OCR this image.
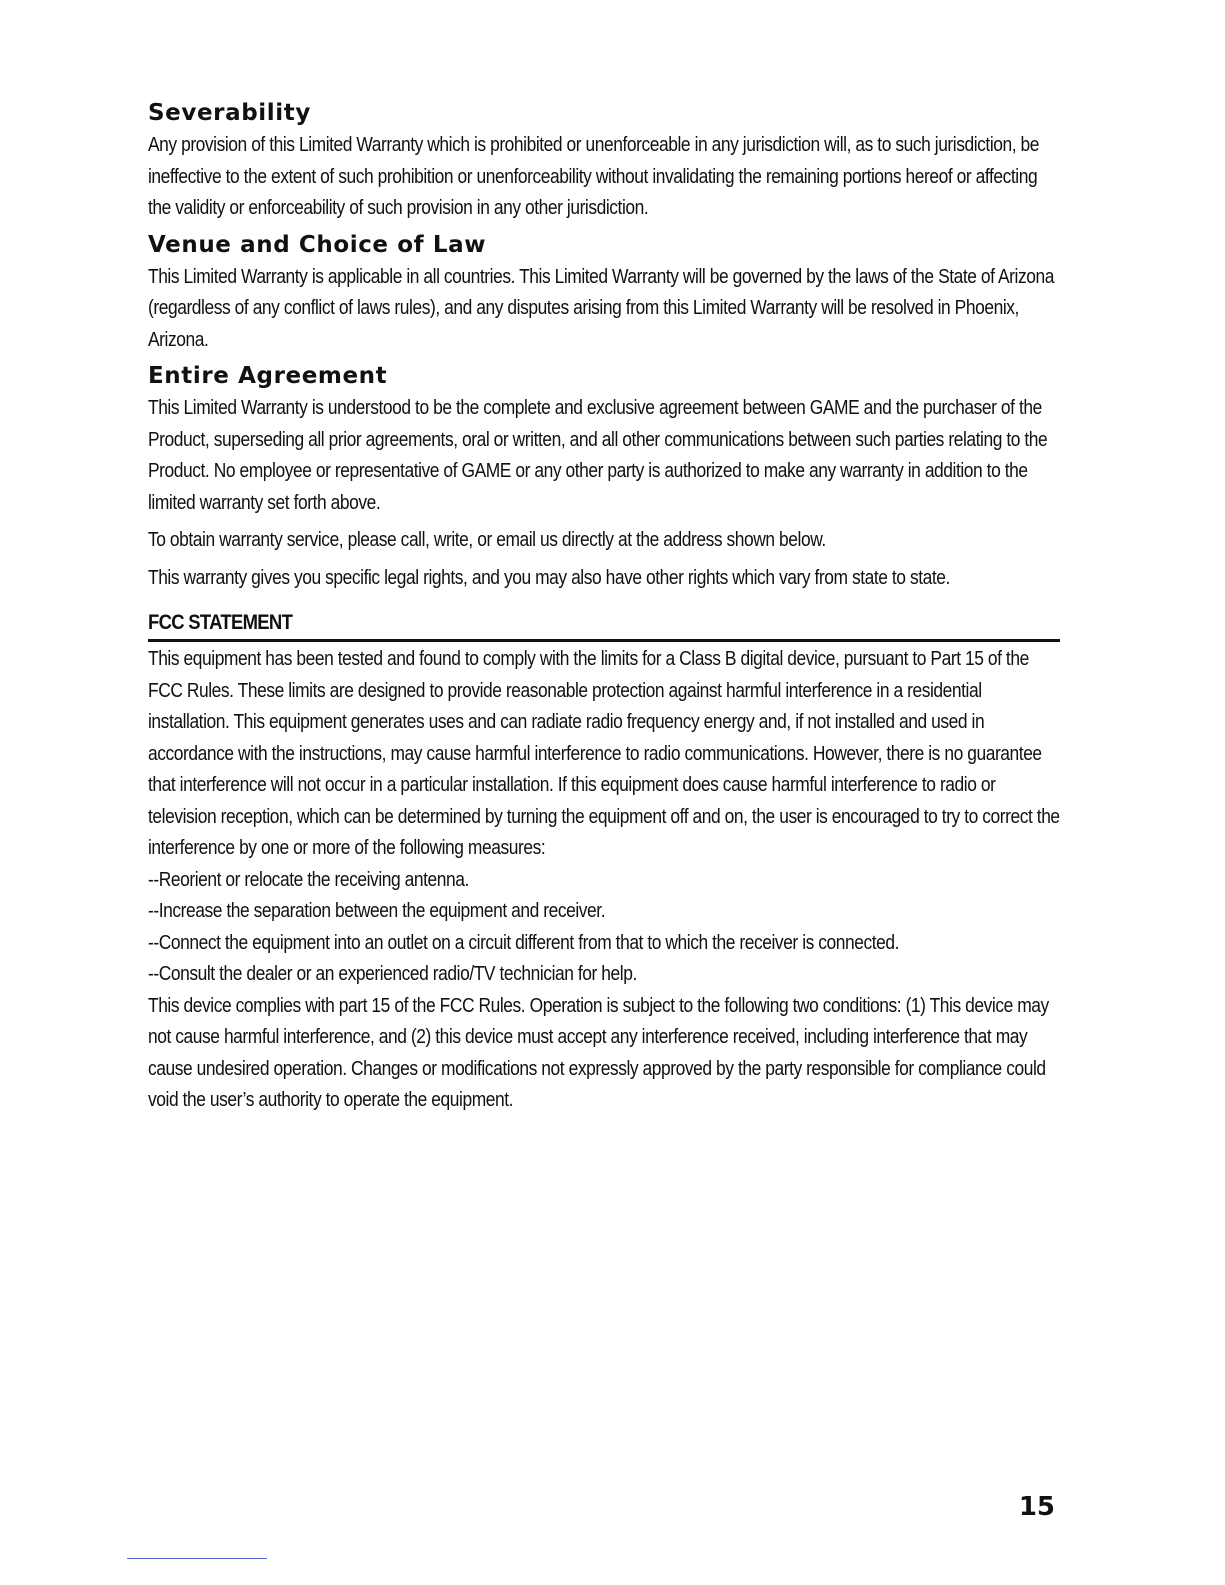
Severability

Any provision of this Limited Warranty which is prohibited or unenforceable in any jurisdiction will, as to such jurisdiction, be ineffective to the extent of such prohibition or unenforceability without invalidating the remaining portions hereof or affecting the validity or enforceability of such provision in any other jurisdiction.

Venue and Choice of Law

This Limited Warranty is applicable in all countries. This Limited Warranty will be governed by the laws of the State of Arizona (regardless of any conflict of laws rules), and any disputes arising from this Limited Warranty will be resolved in Phoenix, Arizona.

Entire Agreement

This Limited Warranty is understood to be the complete and exclusive agreement between GAME and the purchaser of the Product, superseding all prior agreements, oral or written, and all other communications between such parties relating to the Product. No employee or representative of GAME or any other party is authorized to make any warranty in addition to the limited warranty set forth above.

To obtain warranty service, please call, write, or email us directly at the address shown below.

This warranty gives you specific legal rights, and you may also have other rights which vary from state to state.

FCC STATEMENT

This equipment has been tested and found to comply with the limits for a Class B digital device, pursuant to Part 15 of the FCC Rules. These limits are designed to provide reasonable protection against harmful interference in a residential installation. This equipment generates uses and can radiate radio frequency energy and, if not installed and used in accordance with the instructions, may cause harmful interference to radio communications. However, there is no guarantee that interference will not occur in a particular installation. If this equipment does cause harmful interference to radio or television reception, which can be determined by turning the equipment off and on, the user is encouraged to try to correct the interference by one or more of the following measures:

--Reorient or relocate the receiving antenna.

--Increase the separation between the equipment and receiver.

--Connect the equipment into an outlet on a circuit different from that to which the receiver is connected.

--Consult the dealer or an experienced radio/TV technician for help.

This device complies with part 15 of the FCC Rules. Operation is subject to the following two conditions: (1) This device may not cause harmful interference, and (2) this device must accept any interference received, including interference that may cause undesired operation. Changes or modifications not expressly approved by the party responsible for compliance could void the user’s authority to operate the equipment.

15
